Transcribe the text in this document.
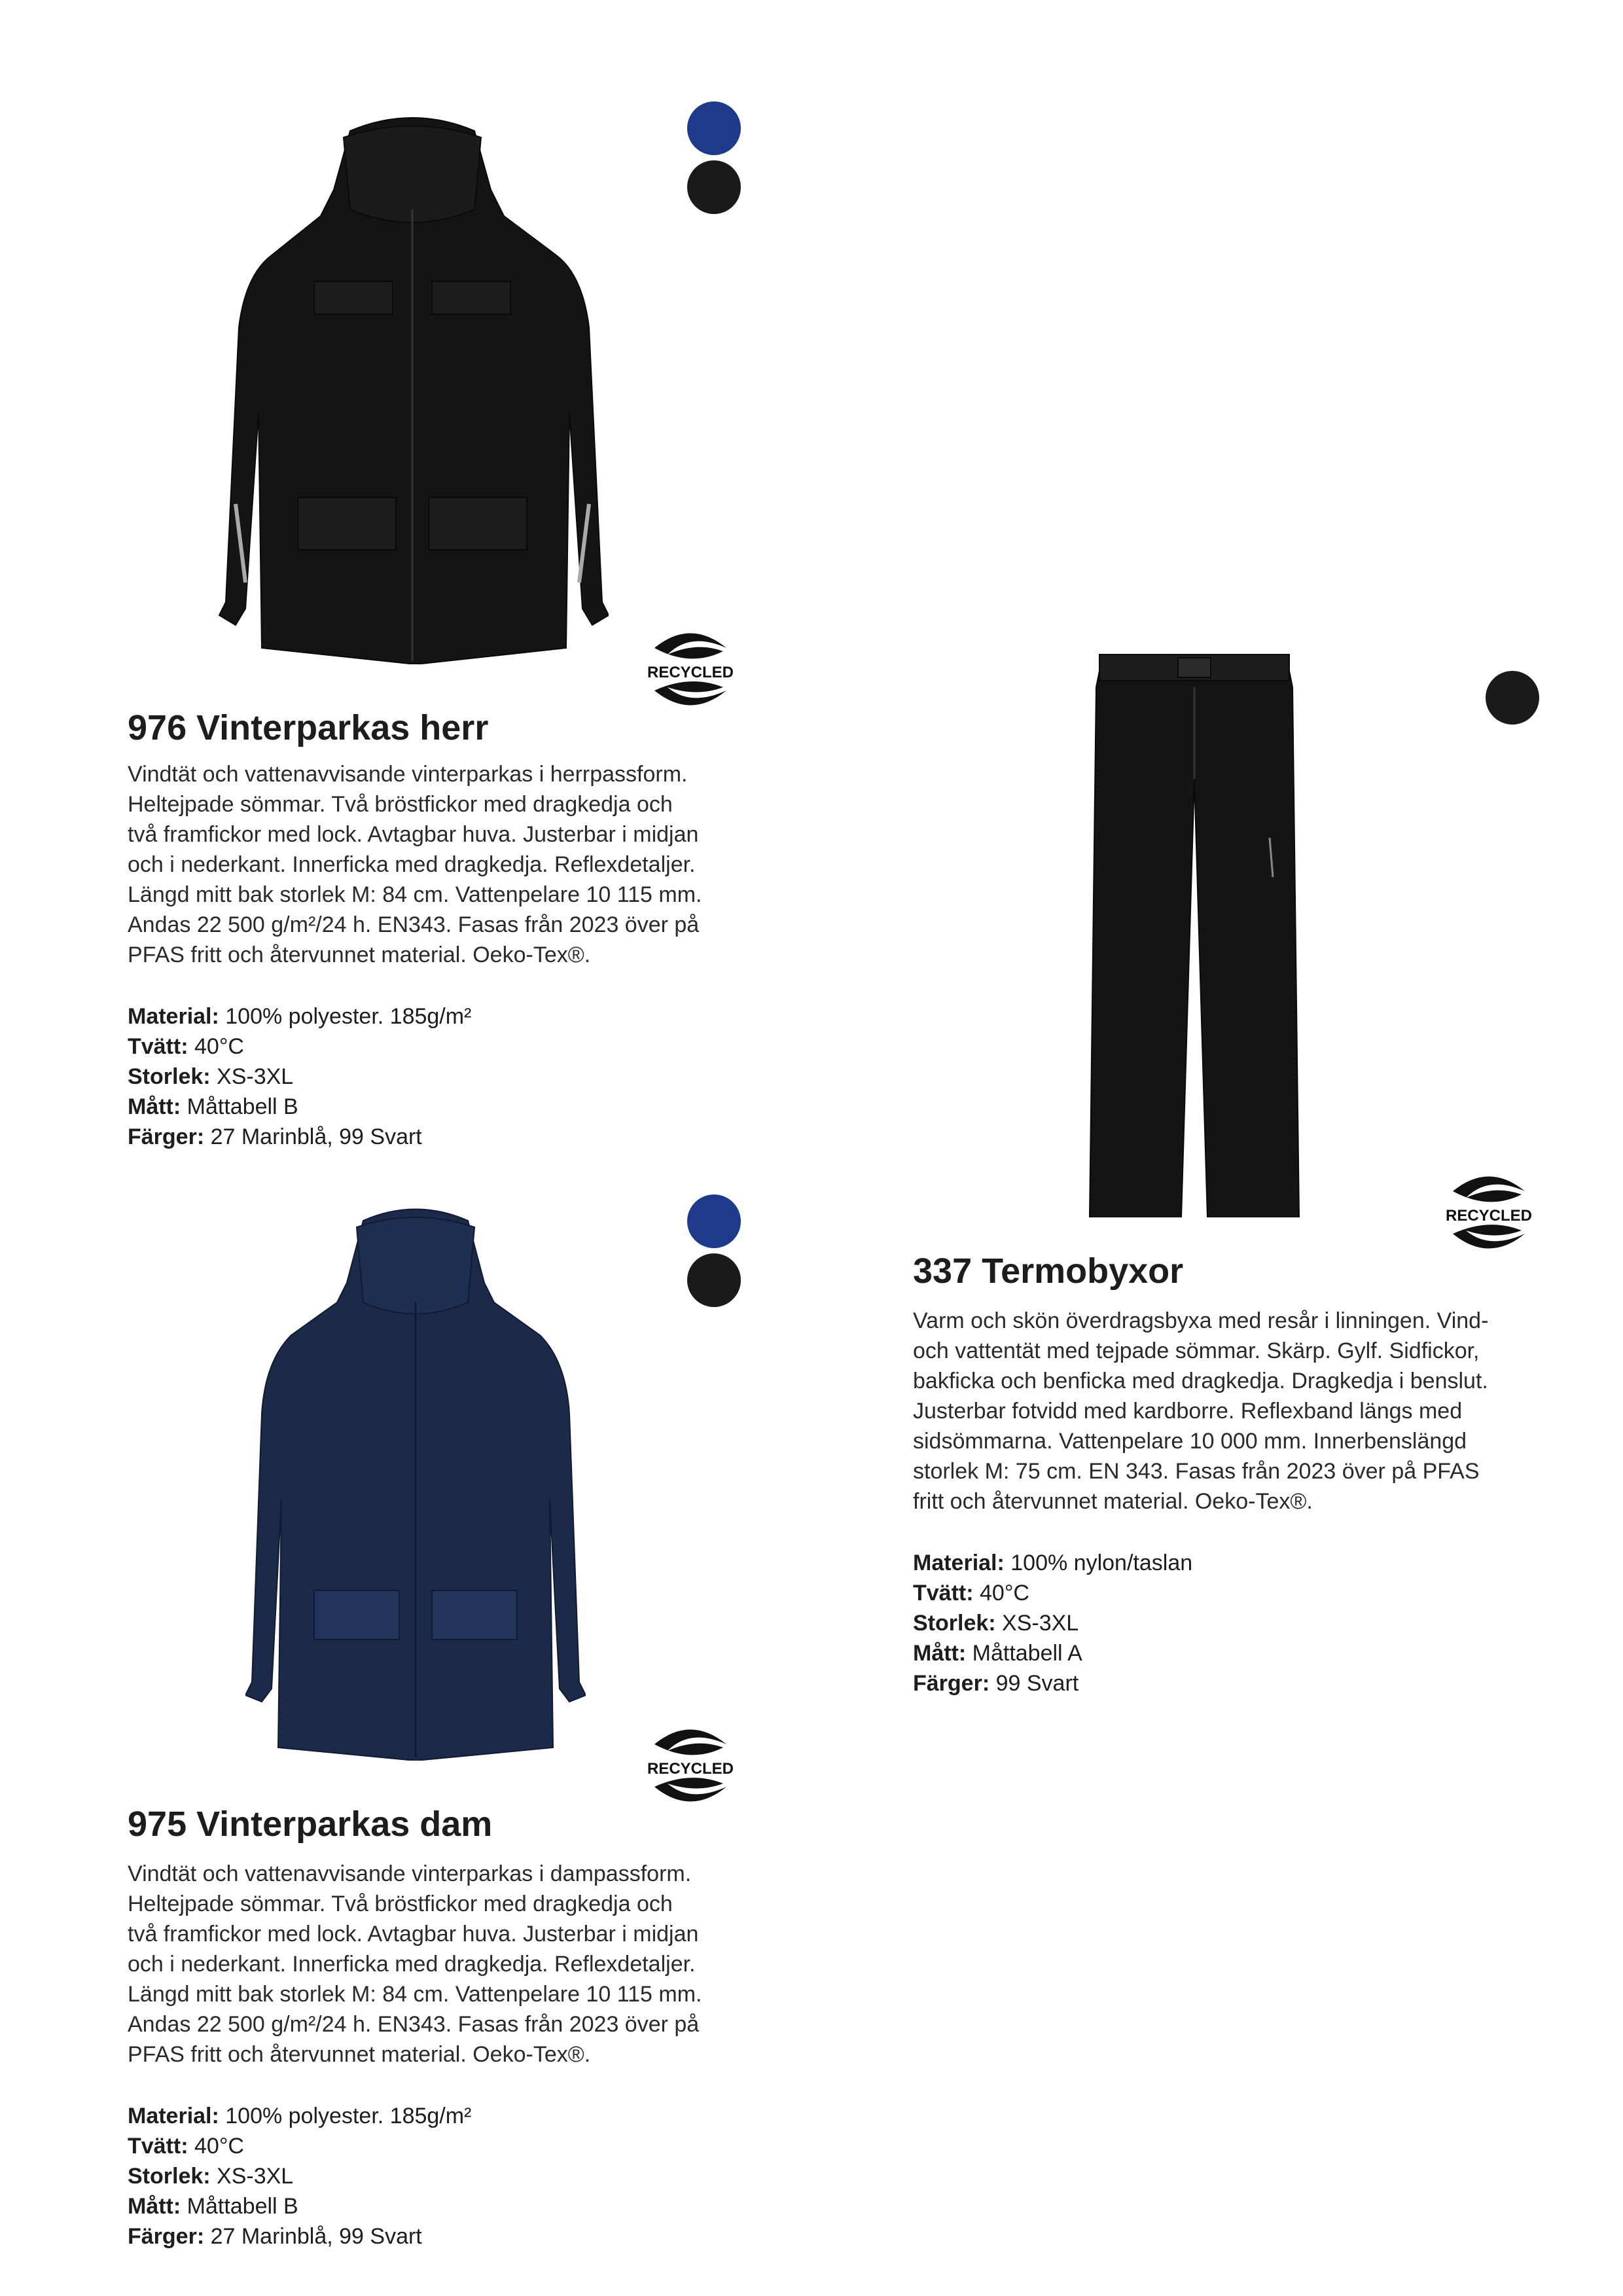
RECYCLED
976 Vinterparkas herr

Vindtät och vattenavvisande vinterparkas i herrpassform.

Heltejpade sömmar. Två bröstfickor med dragkedja och

två framfickor med lock. Avtagbar huva. Justerbar i midjan

och i nederkant. Innerficka med dragkedja. Reflexdetaljer.

Längd mitt bak storlek M: 84 cm. Vattenpelare 10 115 mm.

Andas 22 500 g/m²/24 h. EN343. Fasas från 2023 över på

PFAS fritt och återvunnet material. Oeko-Tex®.

Material: 100% polyester. 185g/m²
Tvätt: 40°C
Storlek: XS-3XL
Mått: Måttabell B
Färger: 27 Marinblå, 99 Svart
RECYCLED
337 Termobyxor

Varm och skön överdragsbyxa med resår i linningen. Vind-

och vattentät med tejpade sömmar. Skärp. Gylf. Sidfickor,

bakficka och benficka med dragkedja. Dragkedja i benslut.

Justerbar fotvidd med kardborre. Reflexband längs med

sidsömmarna. Vattenpelare 10 000 mm. Innerbenslängd

storlek M: 75 cm. EN 343. Fasas från 2023 över på PFAS

fritt och återvunnet material. Oeko-Tex®.

Material: 100% nylon/taslan
Tvätt: 40°C
Storlek: XS-3XL
Mått: Måttabell A
Färger: 99 Svart
RECYCLED
975 Vinterparkas dam

Vindtät och vattenavvisande vinterparkas i dampassform.

Heltejpade sömmar. Två bröstfickor med dragkedja och

två framfickor med lock. Avtagbar huva. Justerbar i midjan

och i nederkant. Innerficka med dragkedja. Reflexdetaljer.

Längd mitt bak storlek M: 84 cm. Vattenpelare 10 115 mm.

Andas 22 500 g/m²/24 h. EN343. Fasas från 2023 över på

PFAS fritt och återvunnet material. Oeko-Tex®.

Material: 100% polyester. 185g/m²
Tvätt: 40°C
Storlek: XS-3XL
Mått: Måttabell B
Färger: 27 Marinblå, 99 Svart
